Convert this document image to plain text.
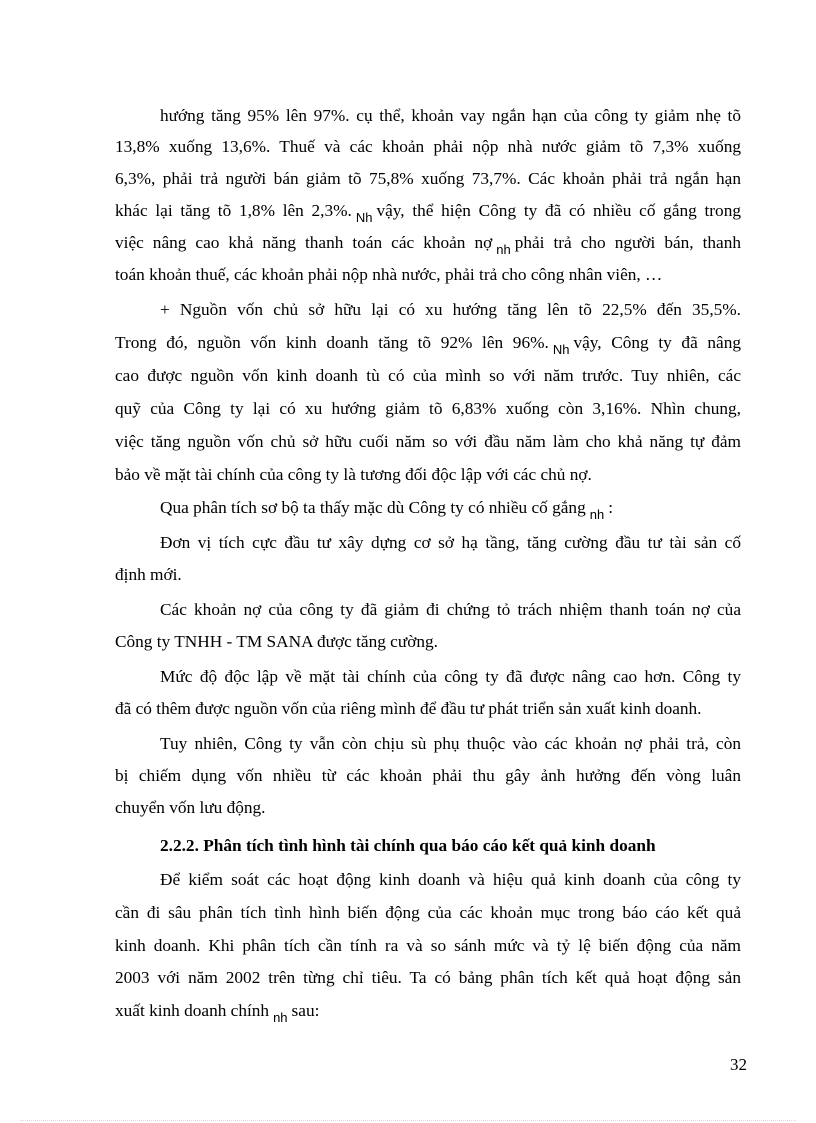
hướng tăng 95% lên 97%. cụ thể, khoản vay ngắn hạn của công ty giảm nhẹ tõ
13,8% xuống 13,6%. Thuế và các khoản phải nộp nhà nước giảm tõ 7,3% xuống
6,3%, phải trả người bán giảm tõ 75,8% xuống 73,7%. Các khoản phải trả ngắn hạn
khác lại tăng tõ 1,8% lên 2,3%. $_{Nh}$ vậy, thể hiện Công ty đã có nhiều cố gắng trong
việc nâng cao khả năng thanh toán các khoản nợ $_{nh}$ phải trả cho người bán, thanh
toán khoản thuế, các khoản phải nộp nhà nước, phải trả cho công nhân viên, …
+ Nguồn vốn chủ sở hữu lại có xu hướng tăng lên tõ 22,5% đến 35,5%.
Trong đó, nguồn vốn kinh doanh tăng tõ 92% lên 96%. $_{Nh}$ vậy, Công ty đã nâng
cao được nguồn vốn kinh doanh tù có của mình so với năm trước. Tuy nhiên, các
quỹ của Công ty lại có xu hướng giảm tõ 6,83% xuống còn 3,16%. Nhìn chung,
việc tăng nguồn vốn chủ sở hữu cuối năm so với đầu năm làm cho khả năng tự đảm
bảo về mặt tài chính của công ty là tương đối độc lập với các chủ nợ.
Qua phân tích sơ bộ ta thấy mặc dù Công ty có nhiều cố gắng $_{nh}$ :
Đơn vị tích cực đầu tư xây dựng cơ sở hạ tầng, tăng cường đầu tư tài sản cố
định mới.
Các khoản nợ của công ty đã giảm đi chứng tỏ trách nhiệm thanh toán nợ của
Công ty TNHH - TM SANA được tăng cường.
Mức độ độc lập về mặt tài chính của công ty đã được nâng cao hơn. Công ty
đã có thêm được nguồn vốn của riêng mình để đầu tư phát triển sản xuất kinh doanh.
Tuy nhiên, Công ty vẫn còn chịu sù phụ thuộc vào các khoản nợ phải trả, còn
bị chiếm dụng vốn nhiều từ các khoản phải thu gây ảnh hưởng đến vòng luân
chuyển vốn lưu động.
2.2.2. Phân tích tình hình tài chính qua báo cáo kết quả kinh doanh
Để kiểm soát các hoạt động kinh doanh và hiệu quả kinh doanh của công ty
cần đi sâu phân tích tình hình biến động của các khoản mục trong báo cáo kết quả
kinh doanh. Khi phân tích cần tính ra và so sánh mức và tỷ lệ biến động của năm
2003 với năm 2002 trên từng chỉ tiêu. Ta có bảng phân tích kết quả hoạt động sản
xuất kinh doanh chính $_{nh}$ sau:
32
